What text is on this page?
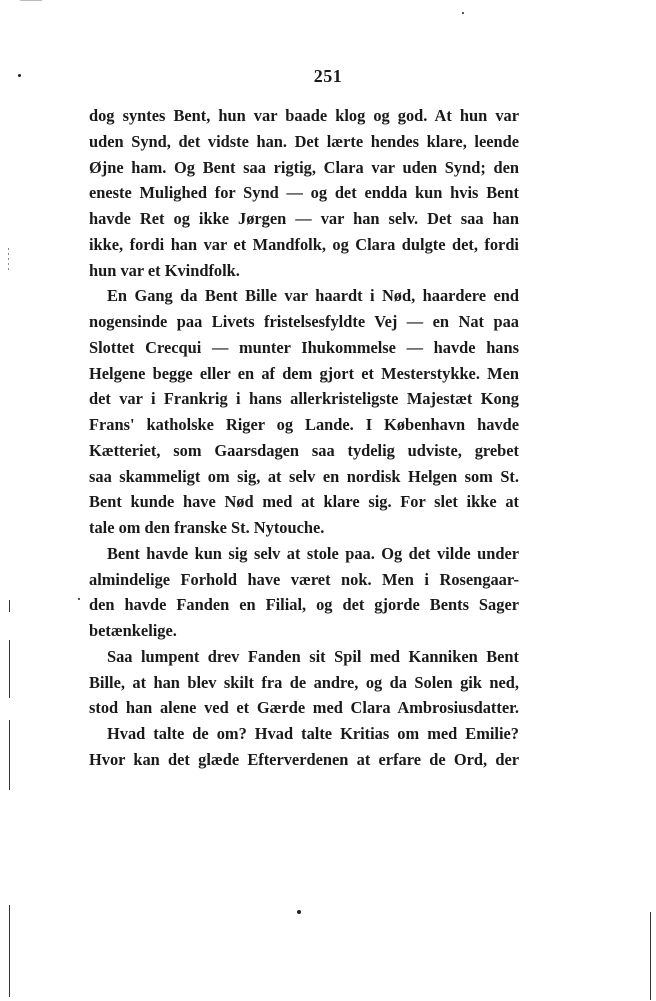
251
dog syntes Bent, hun var baade klog og god. At hun var
uden Synd, det vidste han. Det lærte hendes klare, leende
Øjne ham. Og Bent saa rigtig, Clara var uden Synd; den
eneste Mulighed for Synd — og det endda kun hvis Bent
havde Ret og ikke Jørgen — var han selv. Det saa han
ikke, fordi han var et Mandfolk, og Clara dulgte det, fordi
hun var et Kvindfolk.
En Gang da Bent Bille var haardt i Nød, haardere end
nogensinde paa Livets fristelsesfyldte Vej — en Nat paa
Slottet Crecqui — munter Ihukommelse — havde hans
Helgene begge eller en af dem gjort et Mesterstykke. Men
det var i Frankrig i hans allerkristeligste Majestæt Kong
Frans' katholske Riger og Lande. I København havde
Kætteriet, som Gaarsdagen saa tydelig udviste, grebet
saa skammeligt om sig, at selv en nordisk Helgen som St.
Bent kunde have Nød med at klare sig. For slet ikke at
tale om den franske St. Nytouche.
Bent havde kun sig selv at stole paa. Og det vilde under
almindelige Forhold have været nok. Men i Rosengaar-
den havde Fanden en Filial, og det gjorde Bents Sager
betænkelige.
Saa lumpent drev Fanden sit Spil med Kanniken Bent
Bille, at han blev skilt fra de andre, og da Solen gik ned,
stod han alene ved et Gærde med Clara Ambrosiusdatter.
Hvad talte de om? Hvad talte Kritias om med Emilie?
Hvor kan det glæde Efterverdenen at erfare de Ord, der
